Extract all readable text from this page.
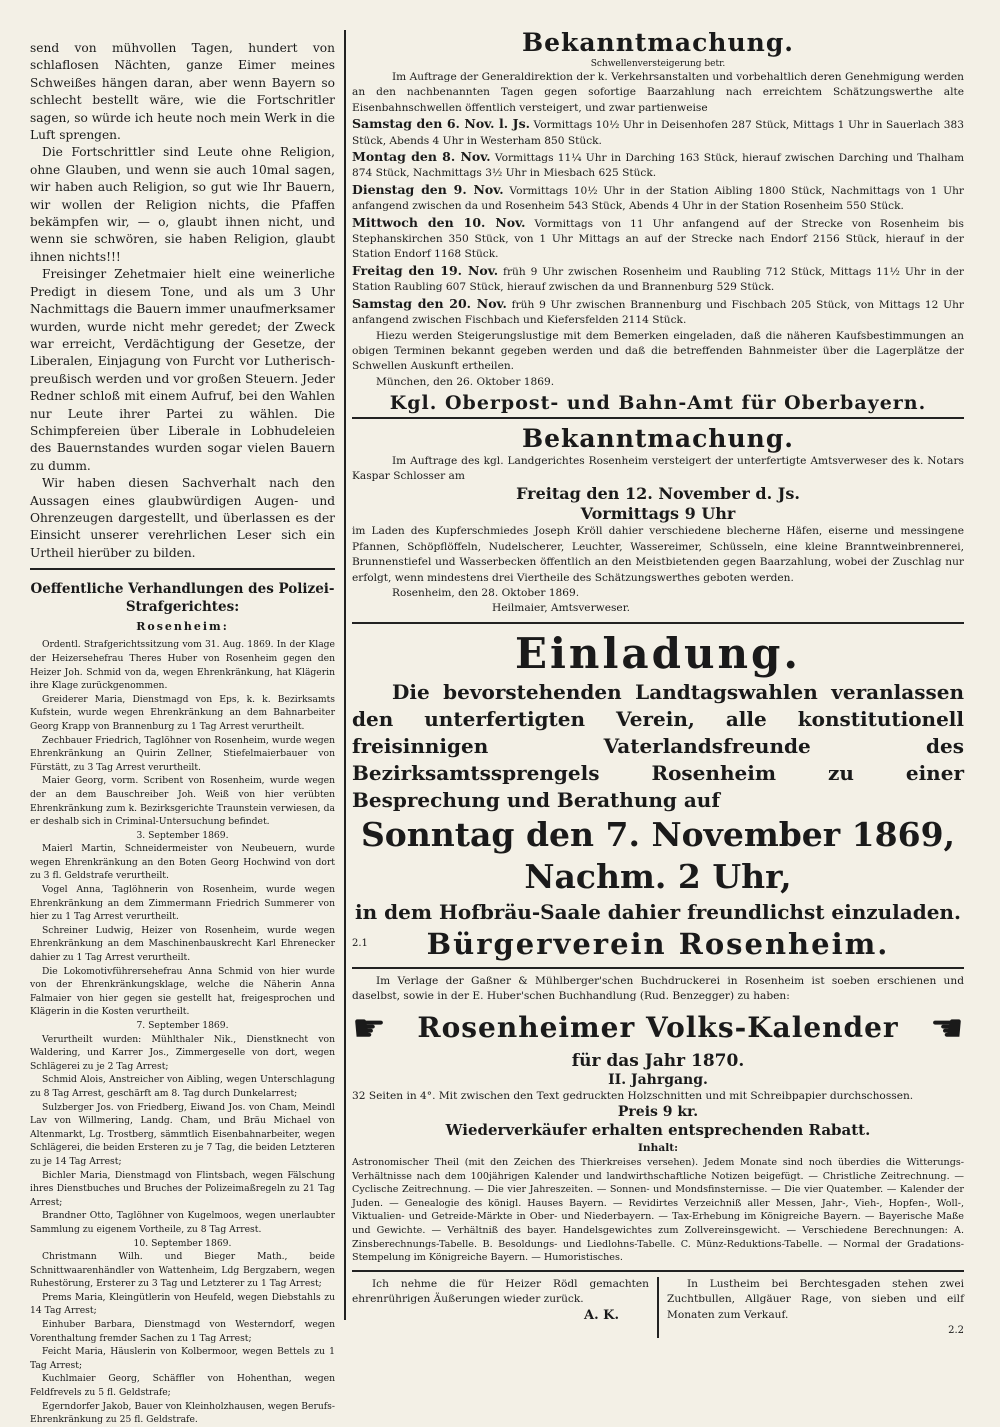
send von mühvollen Tagen, hundert von schlaflosen Nächten, ganze Eimer meines Schweißes hängen daran, aber wenn Bayern so schlecht bestellt wäre, wie die Fortschritler sagen, so würde ich heute noch mein Werk in die Luft sprengen.

Die Fortschrittler sind Leute ohne Religion, ohne Glauben, und wenn sie auch 10mal sagen, wir haben auch Religion, so gut wie Ihr Bauern, wir wollen der Religion nichts, die Pfaffen bekämpfen wir, — o, glaubt ihnen nicht, und wenn sie schwören, sie haben Religion, glaubt ihnen nichts!!!

Freisinger Zehetmaier hielt eine weinerliche Predigt in diesem Tone, und als um 3 Uhr Nachmittags die Bauern immer unaufmerksamer wurden, wurde nicht mehr geredet; der Zweck war erreicht, Verdächtigung der Gesetze, der Liberalen, Einjagung von Furcht vor Lutherisch-preußisch werden und vor großen Steuern. Jeder Redner schloß mit einem Aufruf, bei den Wahlen nur Leute ihrer Partei zu wählen. Die Schimpfereien über Liberale in Lobhudeleien des Bauernstandes wurden sogar vielen Bauern zu dumm.

Wir haben diesen Sachverhalt nach den Aussagen eines glaubwürdigen Augen- und Ohrenzeugen dargestellt, und überlassen es der Einsicht unserer verehrlichen Leser sich ein Urtheil hierüber zu bilden.

Oeffentliche Verhandlungen des Polizei-Strafgerichtes:
Rosenheim:

Ordentl. Strafgerichtssitzung vom 31. Aug. 1869. In der Klage der Heizersehefrau Theres Huber von Rosenheim gegen den Heizer Joh. Schmid von da, wegen Ehrenkränkung, hat Klägerin ihre Klage zurückgenommen.

Greiderer Maria, Dienstmagd von Eps, k. k. Bezirksamts Kufstein, wurde wegen Ehrenkränkung an dem Bahnarbeiter Georg Krapp von Brannenburg zu 1 Tag Arrest verurtheilt.

Zechbauer Friedrich, Taglöhner von Rosenheim, wurde wegen Ehrenkränkung an Quirin Zellner, Stiefelmaierbauer von Fürstätt, zu 3 Tag Arrest verurtheilt.

Maier Georg, vorm. Scribent von Rosenheim, wurde wegen der an dem Bauschreiber Joh. Weiß von hier verübten Ehrenkränkung zum k. Bezirksgerichte Traunstein verwiesen, da er deshalb sich in Criminal-Untersuchung befindet.

3. September 1869.

Maierl Martin, Schneidermeister von Neubeuern, wurde wegen Ehrenkränkung an den Boten Georg Hochwind von dort zu 3 fl. Geldstrafe verurtheilt.

Vogel Anna, Taglöhnerin von Rosenheim, wurde wegen Ehrenkränkung an dem Zimmermann Friedrich Summerer von hier zu 1 Tag Arrest verurtheilt.

Schreiner Ludwig, Heizer von Rosenheim, wurde wegen Ehrenkränkung an dem Maschinenbauskrecht Karl Ehrenecker dahier zu 1 Tag Arrest verurtheilt.

Die Lokomotivführersehefrau Anna Schmid von hier wurde von der Ehrenkränkungsklage, welche die Näherin Anna Falmaier von hier gegen sie gestellt hat, freigesprochen und Klägerin in die Kosten verurtheilt.

7. September 1869.

Verurtheilt wurden: Mühlthaler Nik., Dienstknecht von Waldering, und Karrer Jos., Zimmergeselle von dort, wegen Schlägerei zu je 2 Tag Arrest;

Schmid Alois, Anstreicher von Aibling, wegen Unterschlagung zu 8 Tag Arrest, geschärft am 8. Tag durch Dunkelarrest;

Sulzberger Jos. von Friedberg, Eiwand Jos. von Cham, Meindl Lav von Willmering, Landg. Cham, und Bräu Michael von Altenmarkt, Lg. Trostberg, sämmtlich Eisenbahnarbeiter, wegen Schlägerei, die beiden Ersteren zu je 7 Tag, die beiden Letzteren zu je 14 Tag Arrest;

Bichler Maria, Dienstmagd von Flintsbach, wegen Fälschung ihres Dienstbuches und Bruches der Polizeimaßregeln zu 21 Tag Arrest;

Brandner Otto, Taglöhner von Kugelmoos, wegen unerlaubter Sammlung zu eigenem Vortheile, zu 8 Tag Arrest.

10. September 1869.

Christmann Wilh. und Bieger Math., beide Schnittwaarenhändler von Wattenheim, Ldg Bergzabern, wegen Ruhestörung, Ersterer zu 3 Tag und Letzterer zu 1 Tag Arrest;

Prems Maria, Kleingütlerin von Heufeld, wegen Diebstahls zu 14 Tag Arrest;

Einhuber Barbara, Dienstmagd von Westerndorf, wegen Vorenthaltung fremder Sachen zu 1 Tag Arrest;

Feicht Maria, Häuslerin von Kolbermoor, wegen Bettels zu 1 Tag Arrest;

Kuchlmaier Georg, Schäffler von Hohenthan, wegen Feldfrevels zu 5 fl. Geldstrafe;

Egerndorfer Jakob, Bauer von Kleinholzhausen, wegen Berufs-Ehrenkränkung zu 25 fl. Geldstrafe.

Bekanntmachung.
Schwellenversteigerung betr.

Im Auftrage der Generaldirektion der k. Verkehrsanstalten und vorbehaltlich deren Genehmigung werden an den nachbenannten Tagen gegen sofortige Baarzahlung nach erreichtem Schätzungswerthe alte Eisenbahnschwellen öffentlich versteigert, und zwar partienweise

Samstag den 6. Nov. l. Js. Vormittags 10½ Uhr in Deisenhofen 287 Stück, Mittags 1 Uhr in Sauerlach 383 Stück, Abends 4 Uhr in Westerham 850 Stück.

Montag den 8. Nov. Vormittags 11¼ Uhr in Darching 163 Stück, hierauf zwischen Darching und Thalham 874 Stück, Nachmittags 3½ Uhr in Miesbach 625 Stück.

Dienstag den 9. Nov. Vormittags 10½ Uhr in der Station Aibling 1800 Stück, Nachmittags von 1 Uhr anfangend zwischen da und Rosenheim 543 Stück, Abends 4 Uhr in der Station Rosenheim 550 Stück.

Mittwoch den 10. Nov. Vormittags von 11 Uhr anfangend auf der Strecke von Rosenheim bis Stephanskirchen 350 Stück, von 1 Uhr Mittags an auf der Strecke nach Endorf 2156 Stück, hierauf in der Station Endorf 1168 Stück.

Freitag den 19. Nov. früh 9 Uhr zwischen Rosenheim und Raubling 712 Stück, Mittags 11½ Uhr in der Station Raubling 607 Stück, hierauf zwischen da und Brannenburg 529 Stück.

Samstag den 20. Nov. früh 9 Uhr zwischen Brannenburg und Fischbach 205 Stück, von Mittags 12 Uhr anfangend zwischen Fischbach und Kiefersfelden 2114 Stück.

Hiezu werden Steigerungslustige mit dem Bemerken eingeladen, daß die näheren Kaufsbestimmungen an obigen Terminen bekannt gegeben werden und daß die betreffenden Bahnmeister über die Lagerplätze der Schwellen Auskunft ertheilen.

München, den 26. Oktober 1869.

Kgl. Oberpost- und Bahn-Amt für Oberbayern.
Bekanntmachung.

Im Auftrage des kgl. Landgerichtes Rosenheim versteigert der unterfertigte Amtsverweser des k. Notars Kaspar Schlosser am

Freitag den 12. November d. Js.
Vormittags 9 Uhr

im Laden des Kupferschmiedes Joseph Kröll dahier verschiedene blecherne Häfen, eiserne und messingene Pfannen, Schöpflöffeln, Nudelscherer, Leuchter, Wassereimer, Schüsseln, eine kleine Branntweinbrennerei, Brunnenstiefel und Wasserbecken öffentlich an den Meistbietenden gegen Baarzahlung, wobei der Zuschlag nur erfolgt, wenn mindestens drei Viertheile des Schätzungswerthes geboten werden.

Rosenheim, den 28. Oktober 1869.

Heilmaier, Amtsverweser.

Einladung.

Die bevorstehenden Landtagswahlen veranlassen den unterfertigten Verein, alle konstitutionell freisinnigen Vaterlandsfreunde des Bezirksamtssprengels Rosenheim zu einer Besprechung und Berathung auf

Sonntag den 7. November 1869, Nachm. 2 Uhr,
in dem Hofbräu-Saale dahier freundlichst einzuladen.
2.1	Bürgerverein Rosenheim.

Im Verlage der Gaßner & Mühlberger'schen Buchdruckerei in Rosenheim ist soeben erschienen und daselbst, sowie in der E. Huber'schen Buchhandlung (Rud. Benzegger) zu haben:

☛ Rosenheimer Volks-Kalender ☚
für das Jahr 1870.
II. Jahrgang.

32 Seiten in 4°. Mit zwischen den Text gedruckten Holzschnitten und mit Schreibpapier durchschossen.

Preis 9 kr.
Wiederverkäufer erhalten entsprechenden Rabatt.
Inhalt:

Astronomischer Theil (mit den Zeichen des Thierkreises versehen). Jedem Monate sind noch überdies die Witterungs-Verhältnisse nach dem 100jährigen Kalender und landwirthschaftliche Notizen beigefügt. — Christliche Zeitrechnung. — Cyclische Zeitrechnung. — Die vier Jahreszeiten. — Sonnen- und Mondsfinsternisse. — Die vier Quatember. — Kalender der Juden. — Genealogie des königl. Hauses Bayern. — Revidirtes Verzeichniß aller Messen, Jahr-, Vieh-, Hopfen-, Woll-, Viktualien- und Getreide-Märkte in Ober- und Niederbayern. — Tax-Erhebung im Königreiche Bayern. — Bayerische Maße und Gewichte. — Verhältniß des bayer. Handelsgewichtes zum Zollvereinsgewicht. — Verschiedene Berechnungen: A. Zinsberechnungs-Tabelle. B. Besoldungs- und Liedlohns-Tabelle. C. Münz-Reduktions-Tabelle. — Normal der Gradations-Stempelung im Königreiche Bayern. — Humoristisches.

Ich nehme die für Heizer Rödl gemachten ehrenrührigen Äußerungen wieder zurück.

A. K.

In Lustheim bei Berchtesgaden stehen zwei Zuchtbullen, Allgäuer Rage, von sieben und eilf Monaten zum Verkauf.

2.2
